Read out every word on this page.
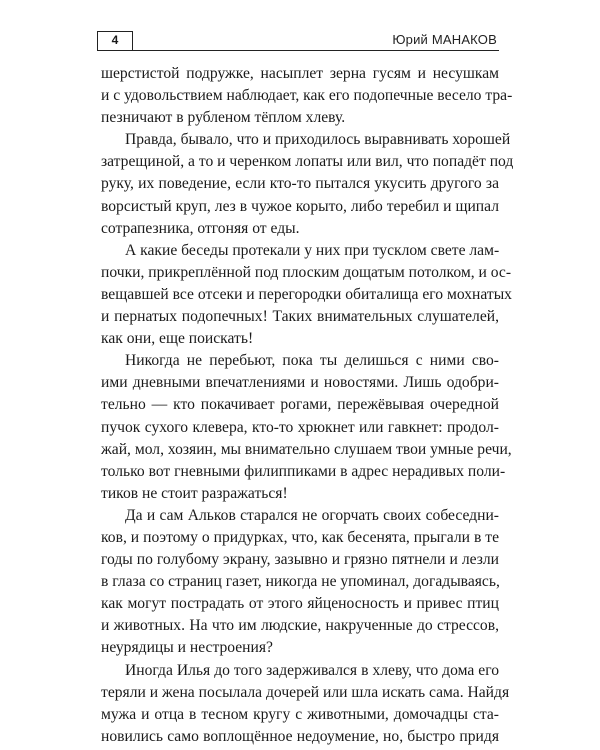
4	Юрий МАНАКОВ
шерстистой подружке, насыплет зерна гусям и несушкам
и с удовольствием наблюдает, как его подопечные весело тра-
пезничают в рубленом тёплом хлеву.
Правда, бывало, что и приходилось выравнивать хорошей
затрещиной, а то и черенком лопаты или вил, что попадёт под
руку, их поведение, если кто-то пытался укусить другого за
ворсистый круп, лез в чужое корыто, либо теребил и щипал
сотрапезника, отгоняя от еды.
А какие беседы протекали у них при тусклом свете лам-
почки, прикреплённой под плоским дощатым потолком, и ос-
вещавшей все отсеки и перегородки обиталища его мохнатых
и пернатых подопечных! Таких внимательных слушателей,
как они, еще поискать!
Никогда не перебьют, пока ты делишься с ними сво-
ими дневными впечатлениями и новостями. Лишь одобри-
тельно — кто покачивает рогами, пережёвывая очередной
пучок сухого клевера, кто-то хрюкнет или гавкнет: продол-
жай, мол, хозяин, мы внимательно слушаем твои умные речи,
только вот гневными филиппиками в адрес нерадивых поли-
тиков не стоит разражаться!
Да и сам Альков старался не огорчать своих собеседни-
ков, и поэтому о придурках, что, как бесенята, прыгали в те
годы по голубому экрану, зазывно и грязно пятнели и лезли
в глаза со страниц газет, никогда не упоминал, догадываясь,
как могут пострадать от этого яйценосность и привес птиц
и животных. На что им людские, накрученные до стрессов,
неурядицы и нестроения?
Иногда Илья до того задерживался в хлеву, что дома его
теряли и жена посылала дочерей или шла искать сама. Найдя
мужа и отца в тесном кругу с животными, домочадцы ста-
новились само воплощённое недоумение, но, быстро придя
